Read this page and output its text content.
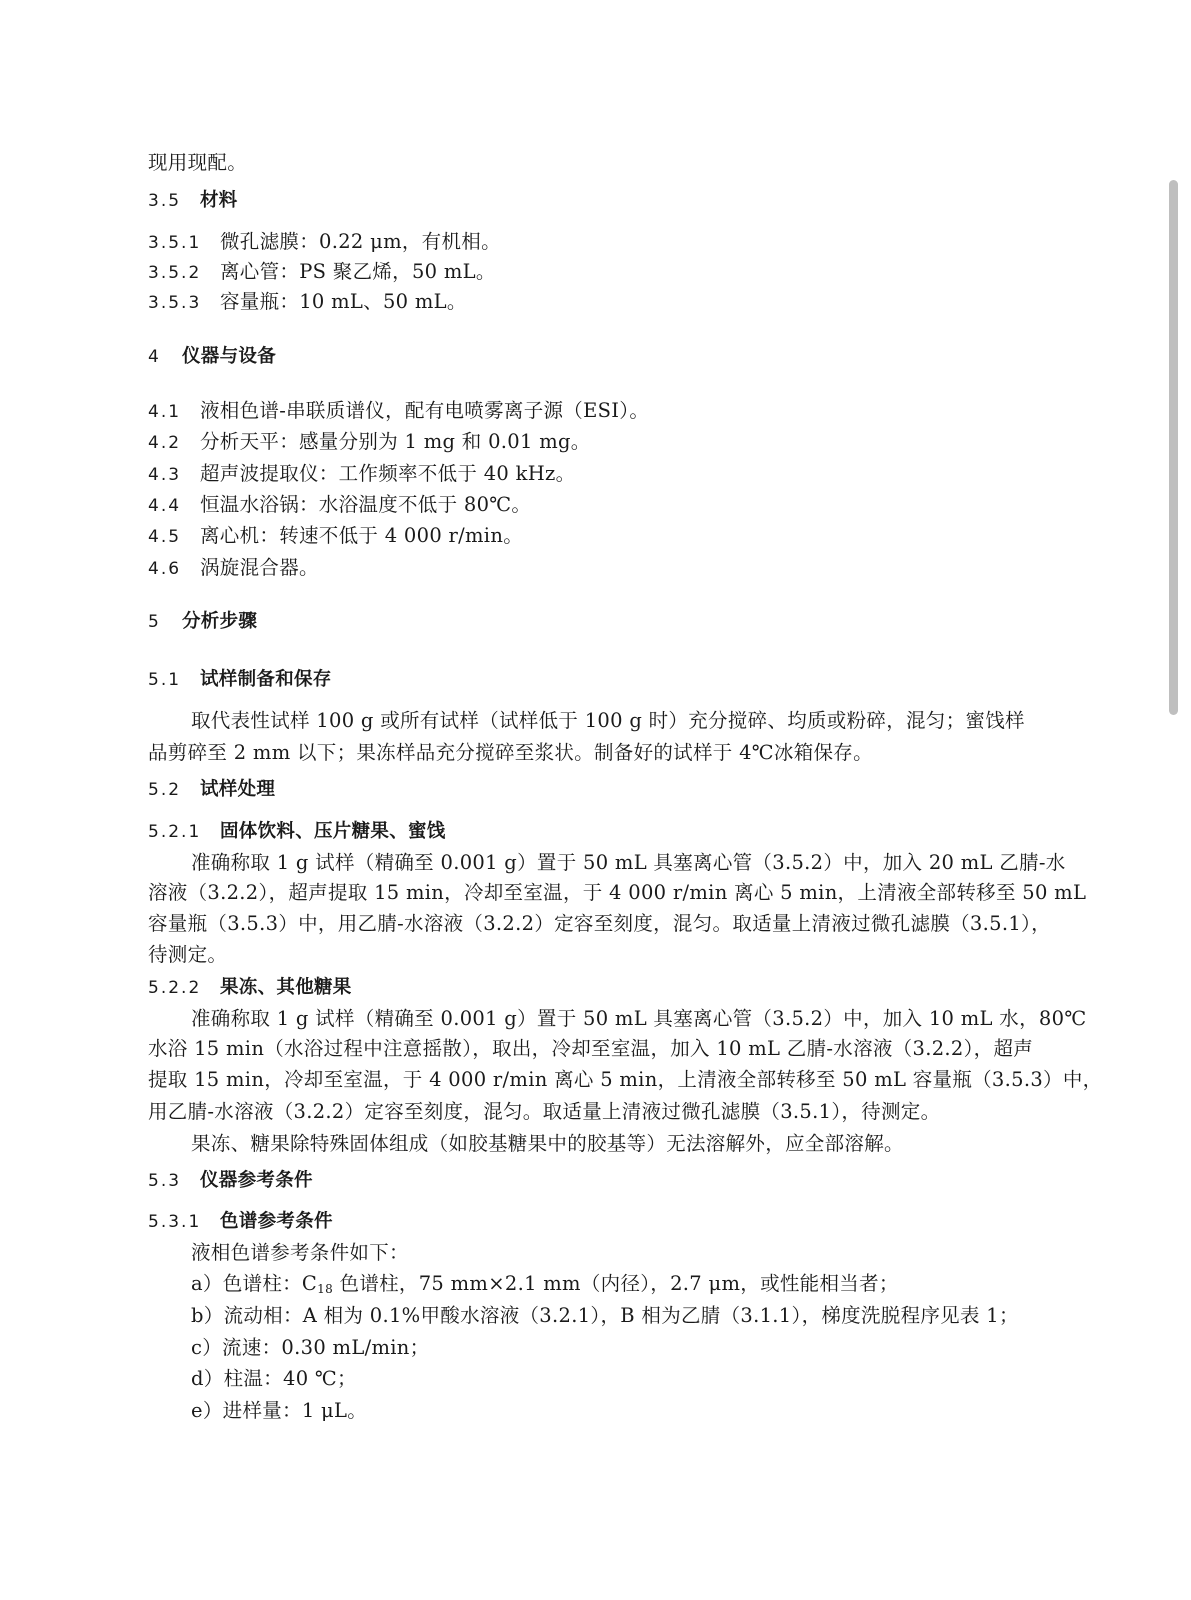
现用现配。
3.5 材料
3.5.1 微孔滤膜：0.22 μm，有机相。
3.5.2 离心管：PS 聚乙烯，50 mL。
3.5.3 容量瓶：10 mL、50 mL。
4 仪器与设备
4.1 液相色谱-串联质谱仪，配有电喷雾离子源（ESI）。
4.2 分析天平：感量分别为 1 mg 和 0.01 mg。
4.3 超声波提取仪：工作频率不低于 40 kHz。
4.4 恒温水浴锅：水浴温度不低于 80℃。
4.5 离心机：转速不低于 4 000 r/min。
4.6 涡旋混合器。
5 分析步骤
5.1 试样制备和保存
取代表性试样 100 g 或所有试样（试样低于 100 g 时）充分搅碎、均质或粉碎，混匀；蜜饯样
品剪碎至 2 mm 以下；果冻样品充分搅碎至浆状。制备好的试样于 4℃冰箱保存。
5.2 试样处理
5.2.1 固体饮料、压片糖果、蜜饯
准确称取 1 g 试样（精确至 0.001 g）置于 50 mL 具塞离心管（3.5.2）中，加入 20 mL 乙腈-水
溶液（3.2.2），超声提取 15 min，冷却至室温，于 4 000 r/min 离心 5 min，上清液全部转移至 50 mL
容量瓶（3.5.3）中，用乙腈-水溶液（3.2.2）定容至刻度，混匀。取适量上清液过微孔滤膜（3.5.1），
待测定。
5.2.2 果冻、其他糖果
准确称取 1 g 试样（精确至 0.001 g）置于 50 mL 具塞离心管（3.5.2）中，加入 10 mL 水，80℃
水浴 15 min（水浴过程中注意摇散），取出，冷却至室温，加入 10 mL 乙腈-水溶液（3.2.2），超声
提取 15 min，冷却至室温，于 4 000 r/min 离心 5 min，上清液全部转移至 50 mL 容量瓶（3.5.3）中，
用乙腈-水溶液（3.2.2）定容至刻度，混匀。取适量上清液过微孔滤膜（3.5.1），待测定。
果冻、糖果除特殊固体组成（如胶基糖果中的胶基等）无法溶解外，应全部溶解。
5.3 仪器参考条件
5.3.1 色谱参考条件
液相色谱参考条件如下：
a）色谱柱：$C_{18}$ 色谱柱，75 mm×2.1 mm（内径），2.7 μm，或性能相当者；
b）流动相：A 相为 0.1%甲酸水溶液（3.2.1），B 相为乙腈（3.1.1），梯度洗脱程序见表 1；
c）流速：0.30 mL/min；
d）柱温：40 ℃；
e）进样量：1 μL。
